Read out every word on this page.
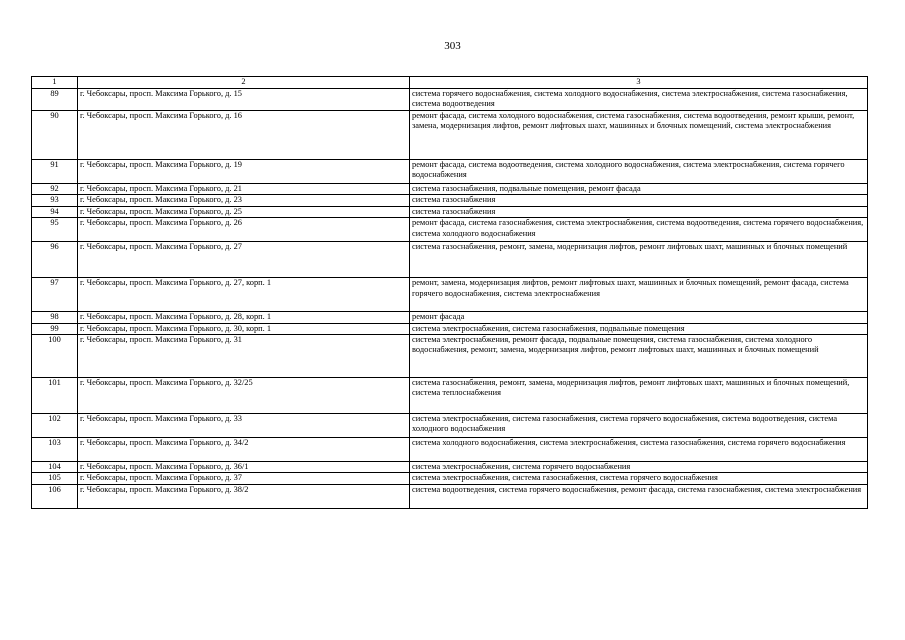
303
1	2	3
89	г. Чебоксары, просп. Максима Горького, д. 15	система горячего водоснабжения, система холодного водоснабжения, система электроснабжения, система газоснабжения, система водоотведения
90	г. Чебоксары, просп. Максима Горького, д. 16	ремонт фасада, система холодного водоснабжения, система газоснабжения, система водоотведения, ремонт крыши, ремонт, замена, модернизация лифтов, ремонт лифтовых шахт, машинных и блочных помещений, система электроснабжения
91	г. Чебоксары, просп. Максима Горького, д. 19	ремонт фасада, система водоотведения, система холодного водоснабжения, система электроснабжения, система горячего водоснабжения
92	г. Чебоксары, просп. Максима Горького, д. 21	система газоснабжения, подвальные помещения, ремонт фасада
93	г. Чебоксары, просп. Максима Горького, д. 23	система газоснабжения
94	г. Чебоксары, просп. Максима Горького, д. 25	система газоснабжения
95	г. Чебоксары, просп. Максима Горького, д. 26	ремонт фасада, система газоснабжения, система электроснабжения, система водоотведения, система горячего водоснабжения, система холодного водоснабжения
96	г. Чебоксары, просп. Максима Горького, д. 27	система газоснабжения, ремонт, замена, модернизация лифтов, ремонт лифтовых шахт, машинных и блочных помещений
97	г. Чебоксары, просп. Максима Горького, д. 27, корп. 1	ремонт, замена, модернизация лифтов, ремонт лифтовых шахт, машинных и блочных помещений, ремонт фасада, система горячего водоснабжения, система электроснабжения
98	г. Чебоксары, просп. Максима Горького, д. 28, корп. 1	ремонт фасада
99	г. Чебоксары, просп. Максима Горького, д. 30, корп. 1	система электроснабжения, система газоснабжения, подвальные помещения
100	г. Чебоксары, просп. Максима Горького, д. 31	система электроснабжения, ремонт фасада, подвальные помещения, система газоснабжения, система холодного водоснабжения, ремонт, замена, модернизация лифтов, ремонт лифтовых шахт, машинных и блочных помещений
101	г. Чебоксары, просп. Максима Горького, д. 32/25	система газоснабжения, ремонт, замена, модернизация лифтов, ремонт лифтовых шахт, машинных и блочных помещений, система теплоснабжения
102	г. Чебоксары, просп. Максима Горького, д. 33	система электроснабжения, система газоснабжения, система горячего водоснабжения, система водоотведения, система холодного водоснабжения
103	г. Чебоксары, просп. Максима Горького, д. 34/2	система холодного водоснабжения, система электроснабжения, система газоснабжения, система горячего водоснабжения
104	г. Чебоксары, просп. Максима Горького, д. 36/1	система электроснабжения, система горячего водоснабжения
105	г. Чебоксары, просп. Максима Горького, д. 37	система электроснабжения, система газоснабжения, система горячего водоснабжения
106	г. Чебоксары, просп. Максима Горького, д. 38/2	система водоотведения, система горячего водоснабжения, ремонт фасада, система газоснабжения, система электроснабжения
